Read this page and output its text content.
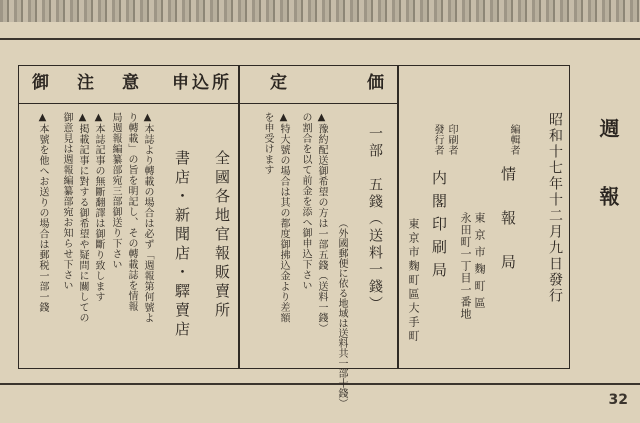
週　報
昭和十七年十二月九日發行
編輯者
情　報　局
東京市麴町區
永田町一丁目一番地
印刷者
發行者
内閣印刷局
東京市麴町區大手町
定価
一部　五錢（送料一錢）
（外國郵便に依る地域は送料共一部十錢）
▲豫約配送御希望の方は一部五錢（送料一錢）
の割合を以て前金を添へ御申込下さい
▲特大號の場合は其の都度御拂込金より差額
を申受けます
申込所
全國各地官報販賣所
書店・新聞店・驛賣店
御注意
▲本誌より轉載の場合は必ず「週報第何號よ
り轉載」の旨を明記し、その轉載誌を情報
局週報編纂部宛三部御送り下さい
▲本誌記事の無斷翻譯は御斷り致します
▲掲載記事に對する御希望や疑問に關しての
御意見は週報編纂部宛お知らせ下さい
▲本號を他へお送りの場合は郵税一部一錢
32
